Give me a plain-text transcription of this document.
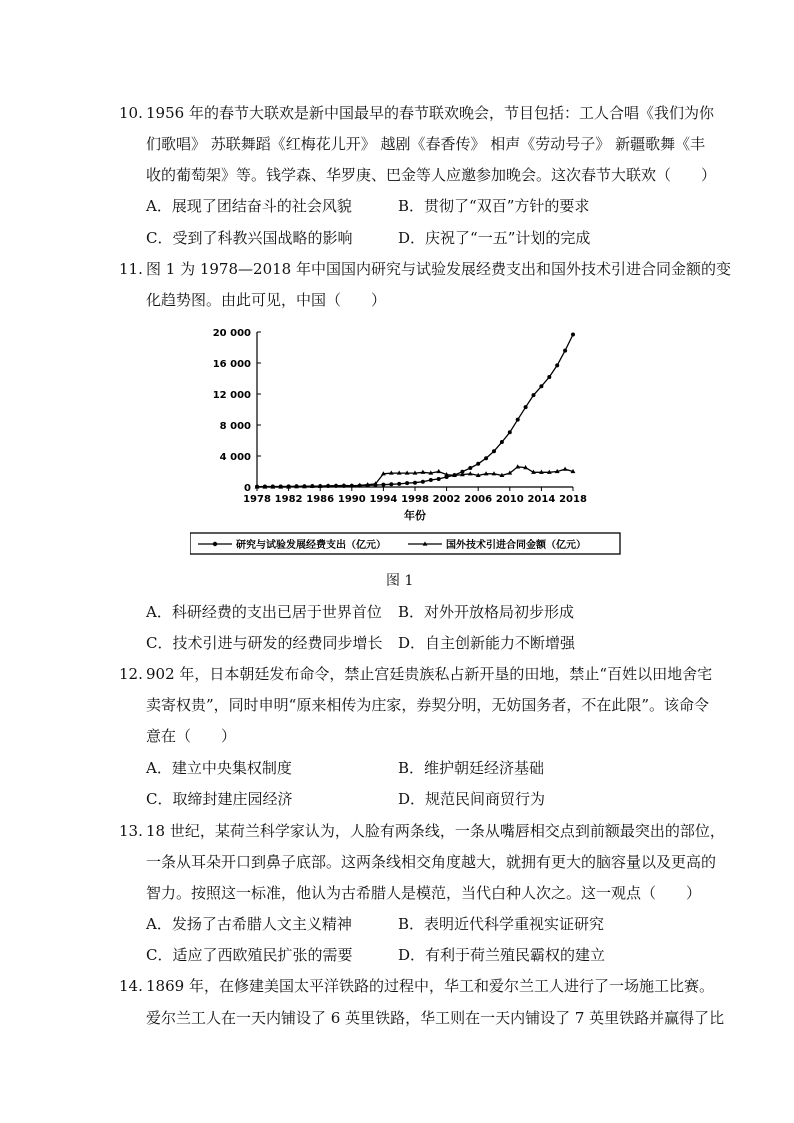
10. 1956 年的春节大联欢是新中国最早的春节联欢晚会，节目包括：工人合唱《我们为你
们歌唱》 苏联舞蹈《红梅花儿开》 越剧《春香传》 相声《劳动号子》 新疆歌舞《丰
收的葡萄架》等。钱学森、华罗庚、巴金等人应邀参加晚会。这次春节大联欢（　　）
A．展现了团结奋斗的社会风貌	B．贯彻了“双百”方针的要求
C．受到了科教兴国战略的影响	D．庆祝了“一五”计划的完成
11. 图 1 为 1978—2018 年中国国内研究与试验发展经费支出和国外技术引进合同金额的变
化趋势图。由此可见，中国（　　）
0
4 000
8 000
12 000
16 000
20 000
1978 1982 1986 1990 1994 1998 2002 2006 2010 2014 2018
年份
研究与试验发展经费支出（亿元）	国外技术引进合同金额（亿元）
图 1
A．科研经费的支出已居于世界首位 B．对外开放格局初步形成
C．技术引进与研发的经费同步增长 D．自主创新能力不断增强
12. 902 年，日本朝廷发布命令，禁止宫廷贵族私占新开垦的田地，禁止“百姓以田地舍宅
卖寄权贵”，同时申明“原来相传为庄家，券契分明，无妨国务者，不在此限”。该命令
意在（　　）
A．建立中央集权制度	B．维护朝廷经济基础
C．取缔封建庄园经济	D．规范民间商贸行为
13. 18 世纪，某荷兰科学家认为，人脸有两条线，一条从嘴唇相交点到前额最突出的部位，
一条从耳朵开口到鼻子底部。这两条线相交角度越大，就拥有更大的脑容量以及更高的
智力。按照这一标准，他认为古希腊人是模范，当代白种人次之。这一观点（　　）
A．发扬了古希腊人文主义精神	B．表明近代科学重视实证研究
C．适应了西欧殖民扩张的需要	D．有利于荷兰殖民霸权的建立
14. 1869 年，在修建美国太平洋铁路的过程中，华工和爱尔兰工人进行了一场施工比赛。
爱尔兰工人在一天内铺设了 6 英里铁路，华工则在一天内铺设了 7 英里铁路并赢得了比
